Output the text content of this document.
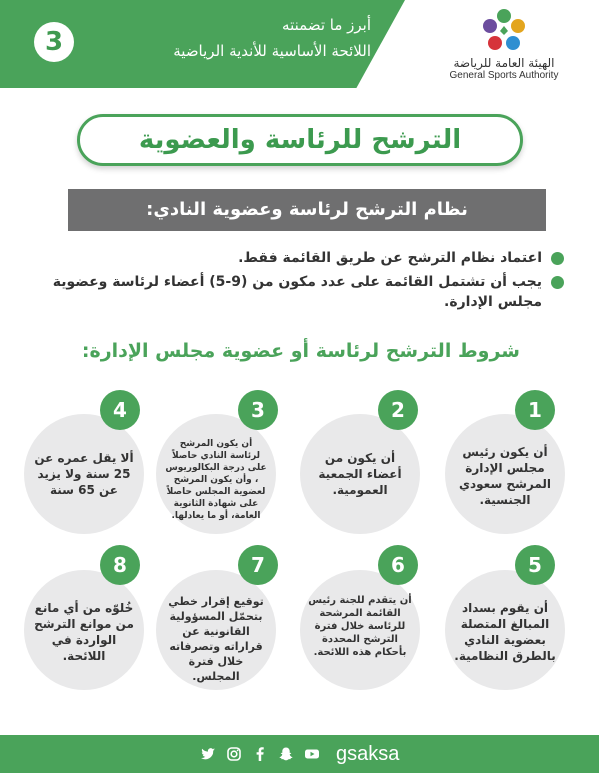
3
أبرز ما تضمنته
اللائحة الأساسية للأندية الرياضية
الهيئة العامة للرياضة
General Sports Authority
الترشح للرئاسة والعضوية
نظام الترشح لرئاسة وعضوية النادي:
اعتماد نظام الترشح عن طريق القائمة فقط.
يجب أن تشتمل القائمة على عدد مكون من (9-5) أعضاء لرئاسة وعضوية مجلس الإدارة.
شروط الترشح لرئاسة أو عضوية مجلس الإدارة:
أن يكون رئيس مجلس الإدارة المرشح سعودي الجنسية.
1
أن يكون من أعضاء الجمعية العمومية.
2
أن يكون المرشح لرئاسة النادي حاصلاً على درجة البكالوريوس ، وأن يكون المرشح لعضوية المجلس حاصلاً على شهادة الثانوية العامة، أو ما يعادلها.
3
ألا يقل عمره عن 25 سنة ولا يزيد عن 65 سنة
4
أن يقوم بسداد المبالغ المتصلة بعضوية النادي بالطرق النظامية.
5
أن يتقدم للجنة رئيس القائمة المرشحة للرئاسة خلال فترة الترشح المحددة بأحكام هذه اللائحة.
6
توقيع إقرار خطي بتحمّل المسؤولية القانونية عن قراراته وتصرفاته خلال فترة المجلس.
7
خُلوّه من أي مانع من موانع الترشح الواردة في اللائحة.
8
gsaksa
